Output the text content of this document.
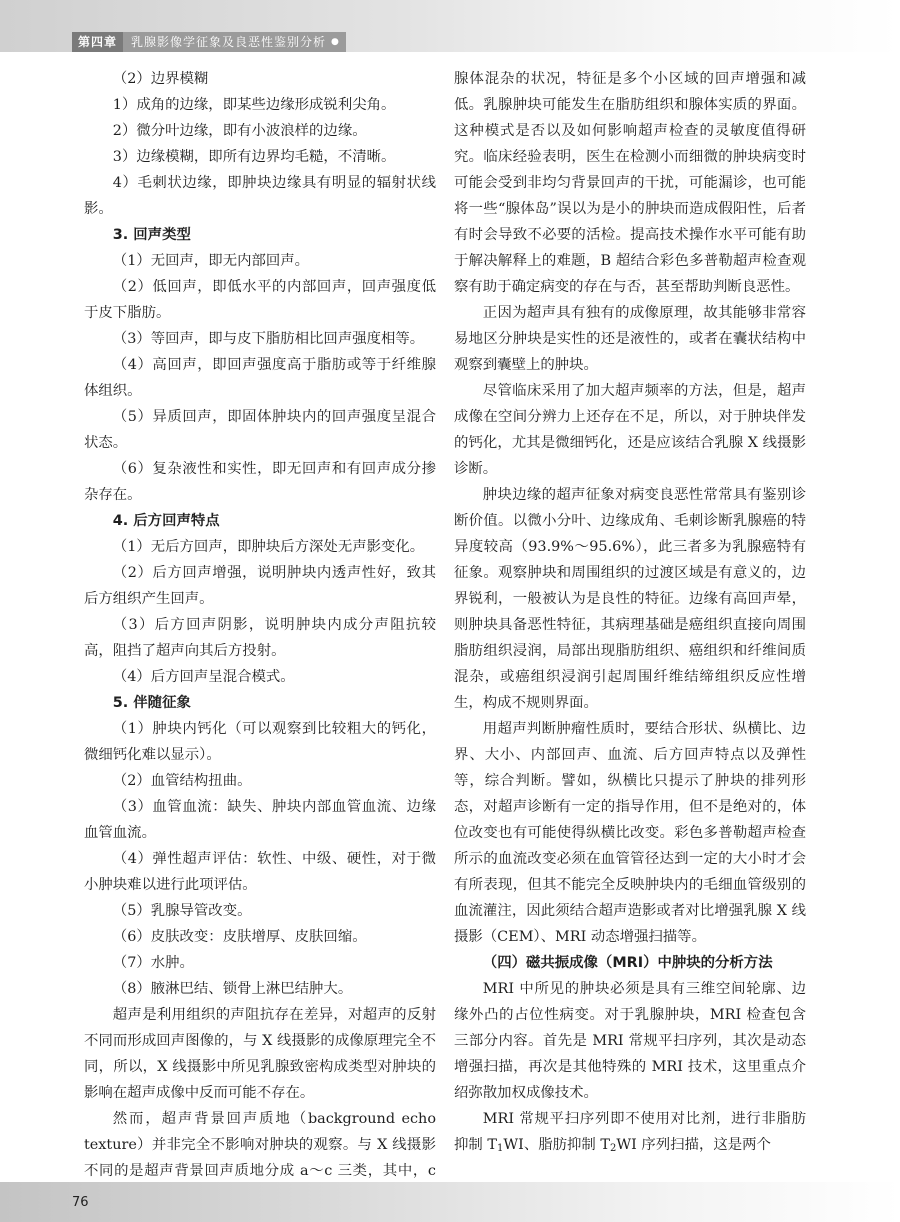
第四章	乳腺影像学征象及良恶性鉴别分析 ●

（2）边界模糊

1）成角的边缘，即某些边缘形成锐利尖角。

2）微分叶边缘，即有小波浪样的边缘。

3）边缘模糊，即所有边界均毛糙，不清晰。

4）毛刺状边缘，即肿块边缘具有明显的辐射状线影。

3. 回声类型

（1）无回声，即无内部回声。

（2）低回声，即低水平的内部回声，回声强度低于皮下脂肪。

（3）等回声，即与皮下脂肪相比回声强度相等。

（4）高回声，即回声强度高于脂肪或等于纤维腺体组织。

（5）异质回声，即固体肿块内的回声强度呈混合状态。

（6）复杂液性和实性，即无回声和有回声成分掺杂存在。

4. 后方回声特点

（1）无后方回声，即肿块后方深处无声影变化。

（2）后方回声增强，说明肿块内透声性好，致其后方组织产生回声。

（3）后方回声阴影，说明肿块内成分声阻抗较高，阻挡了超声向其后方投射。

（4）后方回声呈混合模式。

5. 伴随征象

（1）肿块内钙化（可以观察到比较粗大的钙化，微细钙化难以显示）。

（2）血管结构扭曲。

（3）血管血流：缺失、肿块内部血管血流、边缘血管血流。

（4）弹性超声评估：软性、中级、硬性，对于微小肿块难以进行此项评估。

（5）乳腺导管改变。

（6）皮肤改变：皮肤增厚、皮肤回缩。

（7）水肿。

（8）腋淋巴结、锁骨上淋巴结肿大。

超声是利用组织的声阻抗存在差异，对超声的反射不同而形成回声图像的，与 X 线摄影的成像原理完全不同，所以，X 线摄影中所见乳腺致密构成类型对肿块的影响在超声成像中反而可能不存在。

然而，超声背景回声质地（background echo texture）并非完全不影响对肿块的观察。与 X 线摄影不同的是超声背景回声质地分成 a～c 三类，其中，c

腺体混杂的状况，特征是多个小区域的回声增强和减低。乳腺肿块可能发生在脂肪组织和腺体实质的界面。这种模式是否以及如何影响超声检查的灵敏度值得研究。临床经验表明，医生在检测小而细微的肿块病变时可能会受到非均匀背景回声的干扰，可能漏诊，也可能将一些“腺体岛”误以为是小的肿块而造成假阳性，后者有时会导致不必要的活检。提高技术操作水平可能有助于解决解释上的难题，B 超结合彩色多普勒超声检查观察有助于确定病变的存在与否，甚至帮助判断良恶性。

正因为超声具有独有的成像原理，故其能够非常容易地区分肿块是实性的还是液性的，或者在囊状结构中观察到囊壁上的肿块。

尽管临床采用了加大超声频率的方法，但是，超声成像在空间分辨力上还存在不足，所以，对于肿块伴发的钙化，尤其是微细钙化，还是应该结合乳腺 X 线摄影诊断。

肿块边缘的超声征象对病变良恶性常常具有鉴别诊断价值。以微小分叶、边缘成角、毛刺诊断乳腺癌的特异度较高（93.9%～95.6%），此三者多为乳腺癌特有征象。观察肿块和周围组织的过渡区域是有意义的，边界锐利，一般被认为是良性的特征。边缘有高回声晕，则肿块具备恶性特征，其病理基础是癌组织直接向周围脂肪组织浸润，局部出现脂肪组织、癌组织和纤维间质混杂，或癌组织浸润引起周围纤维结缔组织反应性增生，构成不规则界面。

用超声判断肿瘤性质时，要结合形状、纵横比、边界、大小、内部回声、血流、后方回声特点以及弹性等，综合判断。譬如，纵横比只提示了肿块的排列形态，对超声诊断有一定的指导作用，但不是绝对的，体位改变也有可能使得纵横比改变。彩色多普勒超声检查所示的血流改变必须在血管管径达到一定的大小时才会有所表现，但其不能完全反映肿块内的毛细血管级别的血流灌注，因此须结合超声造影或者对比增强乳腺 X 线摄影（CEM）、MRI 动态增强扫描等。

（四）磁共振成像（MRI）中肿块的分析方法

MRI 中所见的肿块必须是具有三维空间轮廓、边缘外凸的占位性病变。对于乳腺肿块，MRI 检查包含三部分内容。首先是 MRI 常规平扫序列，其次是动态增强扫描，再次是其他特殊的 MRI 技术，这里重点介绍弥散加权成像技术。

MRI 常规平扫序列即不使用对比剂，进行非脂肪抑制 $T_1WI$、脂肪抑制 $T_2WI$ 序列扫描，这是两个

76
